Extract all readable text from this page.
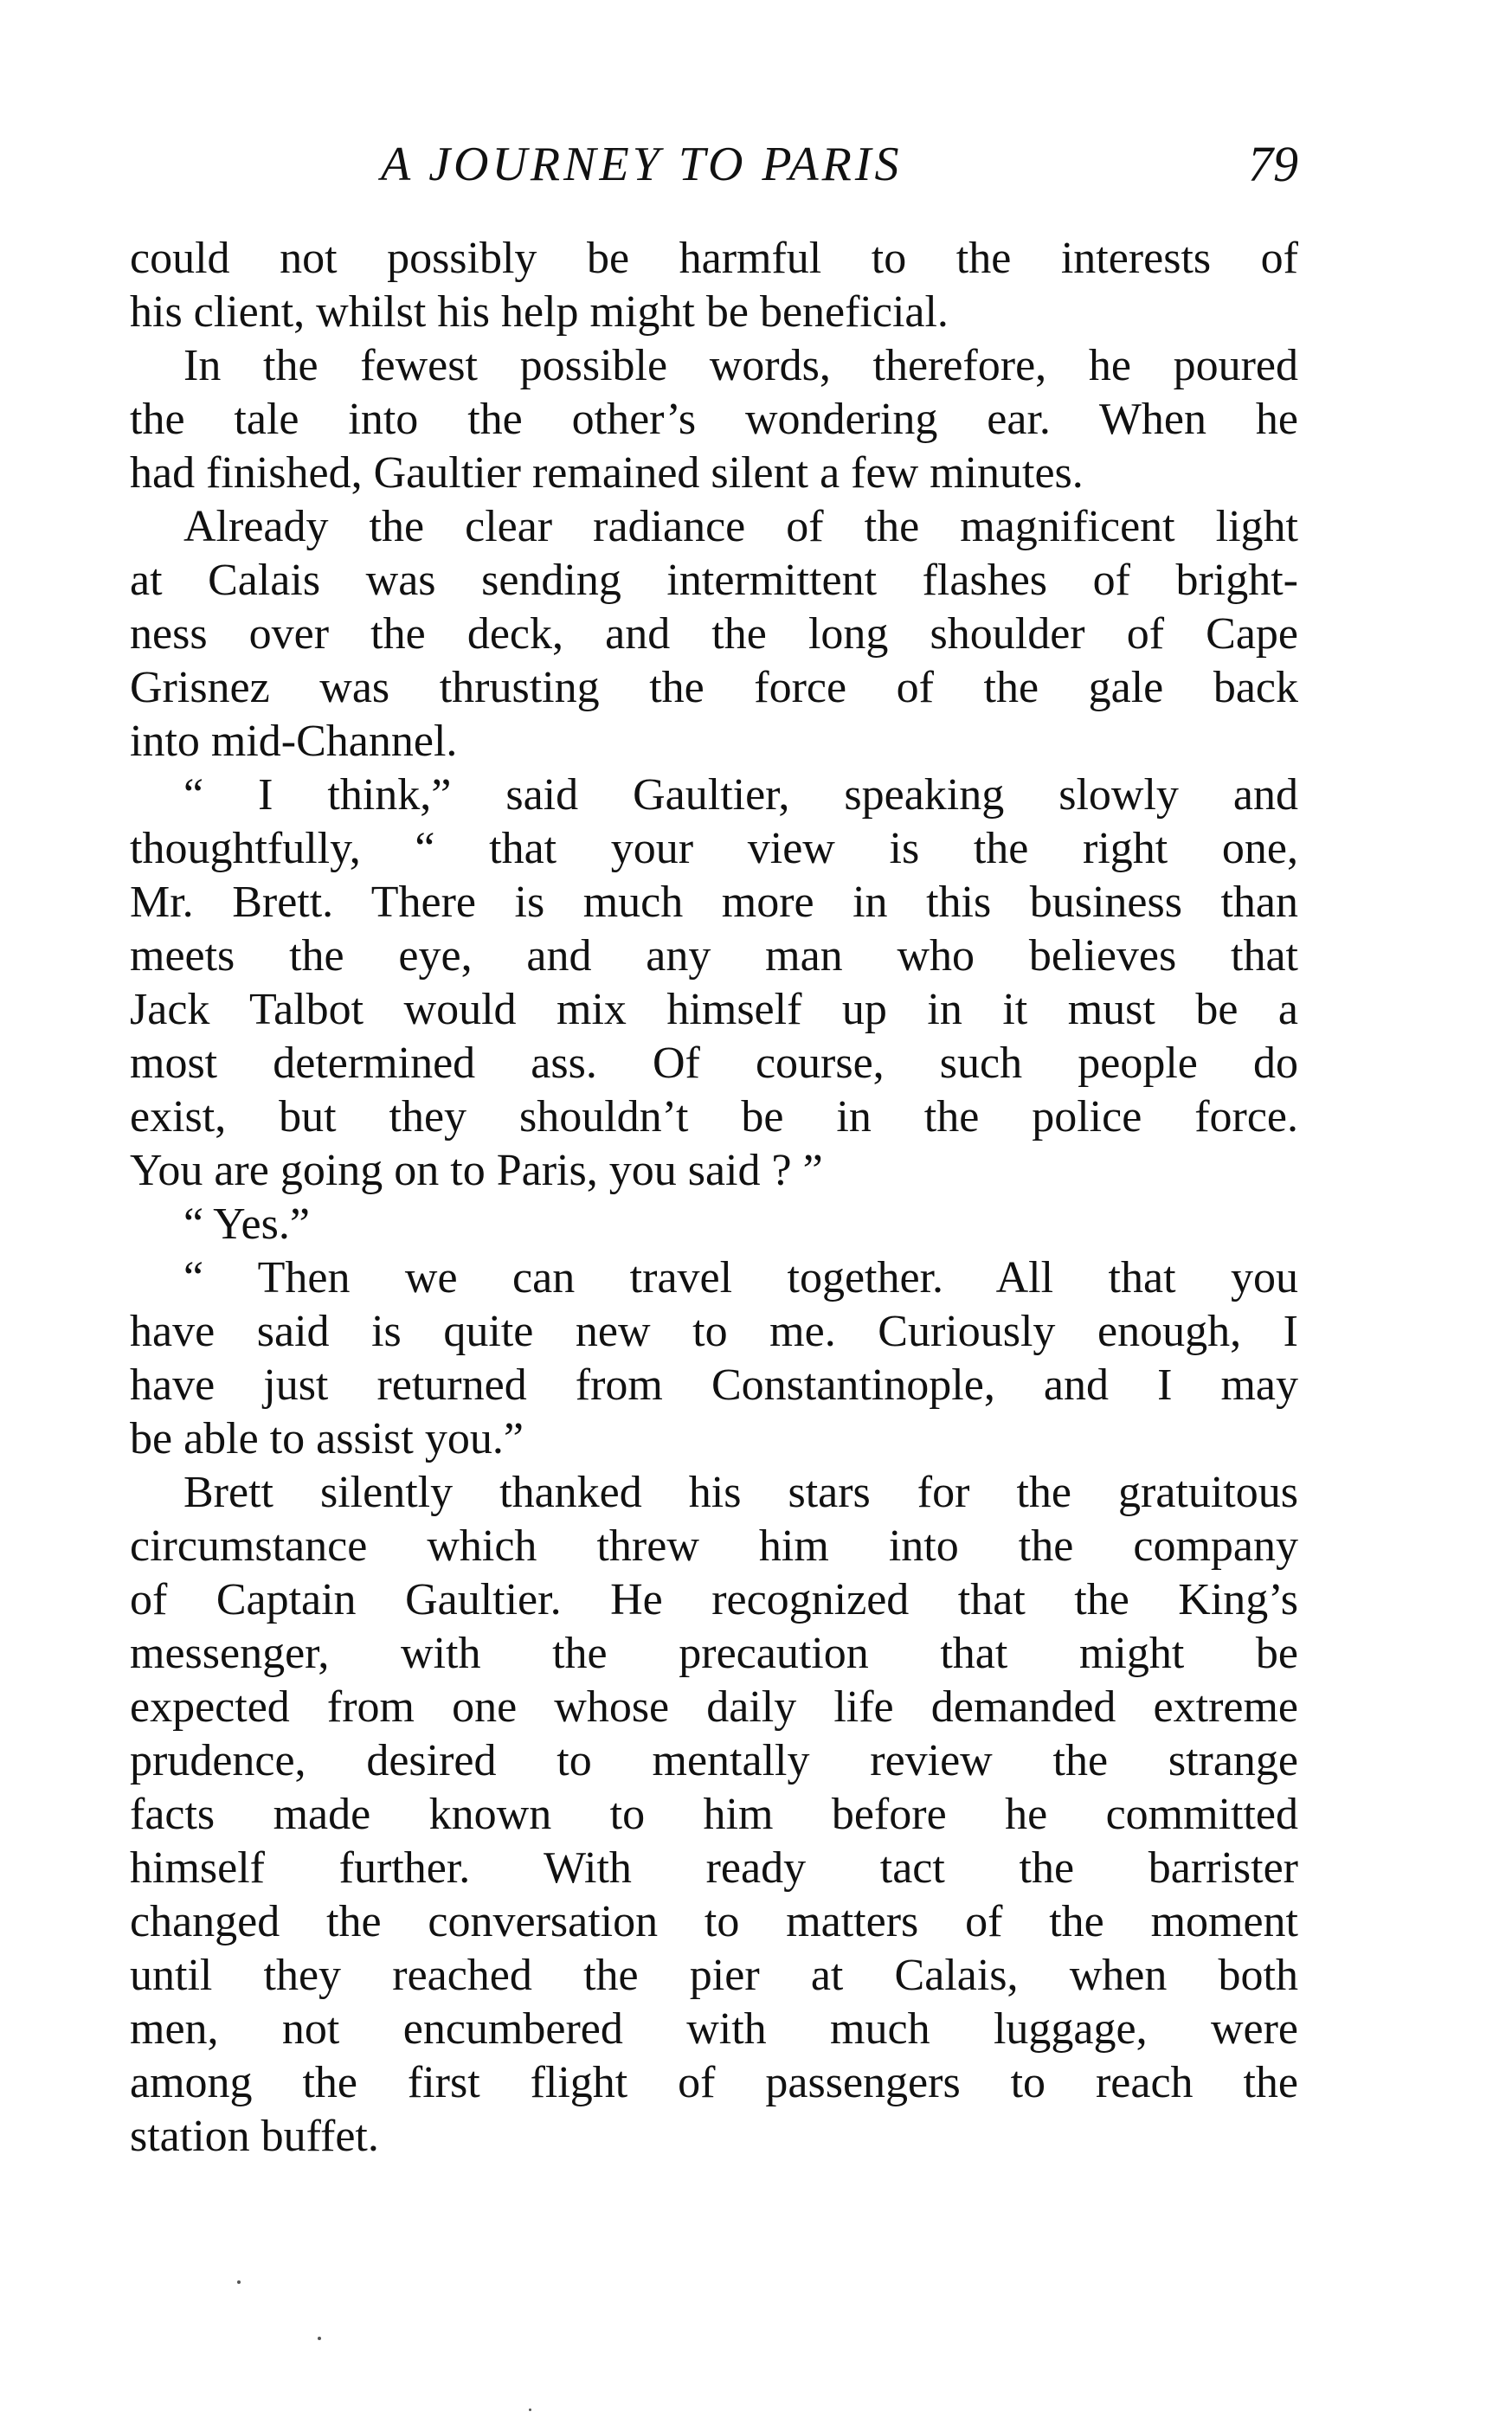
A JOURNEY TO PARIS	79
could not possibly be harmful to the interests of
his client, whilst his help might be beneficial.
In the fewest possible words, therefore, he poured
the tale into the other’s wondering ear. When he
had finished, Gaultier remained silent a few minutes.
Already the clear radiance of the magnificent light
at Calais was sending intermittent flashes of bright-
ness over the deck, and the long shoulder of Cape
Grisnez was thrusting the force of the gale back
into mid-Channel.
“ I think,” said Gaultier, speaking slowly and
thoughtfully, “ that your view is the right one,
Mr. Brett. There is much more in this business than
meets the eye, and any man who believes that
Jack Talbot would mix himself up in it must be a
most determined ass. Of course, such people do
exist, but they shouldn’t be in the police force.
You are going on to Paris, you said ? ”
“ Yes.”
“ Then we can travel together. All that you
have said is quite new to me. Curiously enough, I
have just returned from Constantinople, and I may
be able to assist you.”
Brett silently thanked his stars for the gratuitous
circumstance which threw him into the company
of Captain Gaultier. He recognized that the King’s
messenger, with the precaution that might be
expected from one whose daily life demanded extreme
prudence, desired to mentally review the strange
facts made known to him before he committed
himself further. With ready tact the barrister
changed the conversation to matters of the moment
until they reached the pier at Calais, when both
men, not encumbered with much luggage, were
among the first flight of passengers to reach the
station buffet.
